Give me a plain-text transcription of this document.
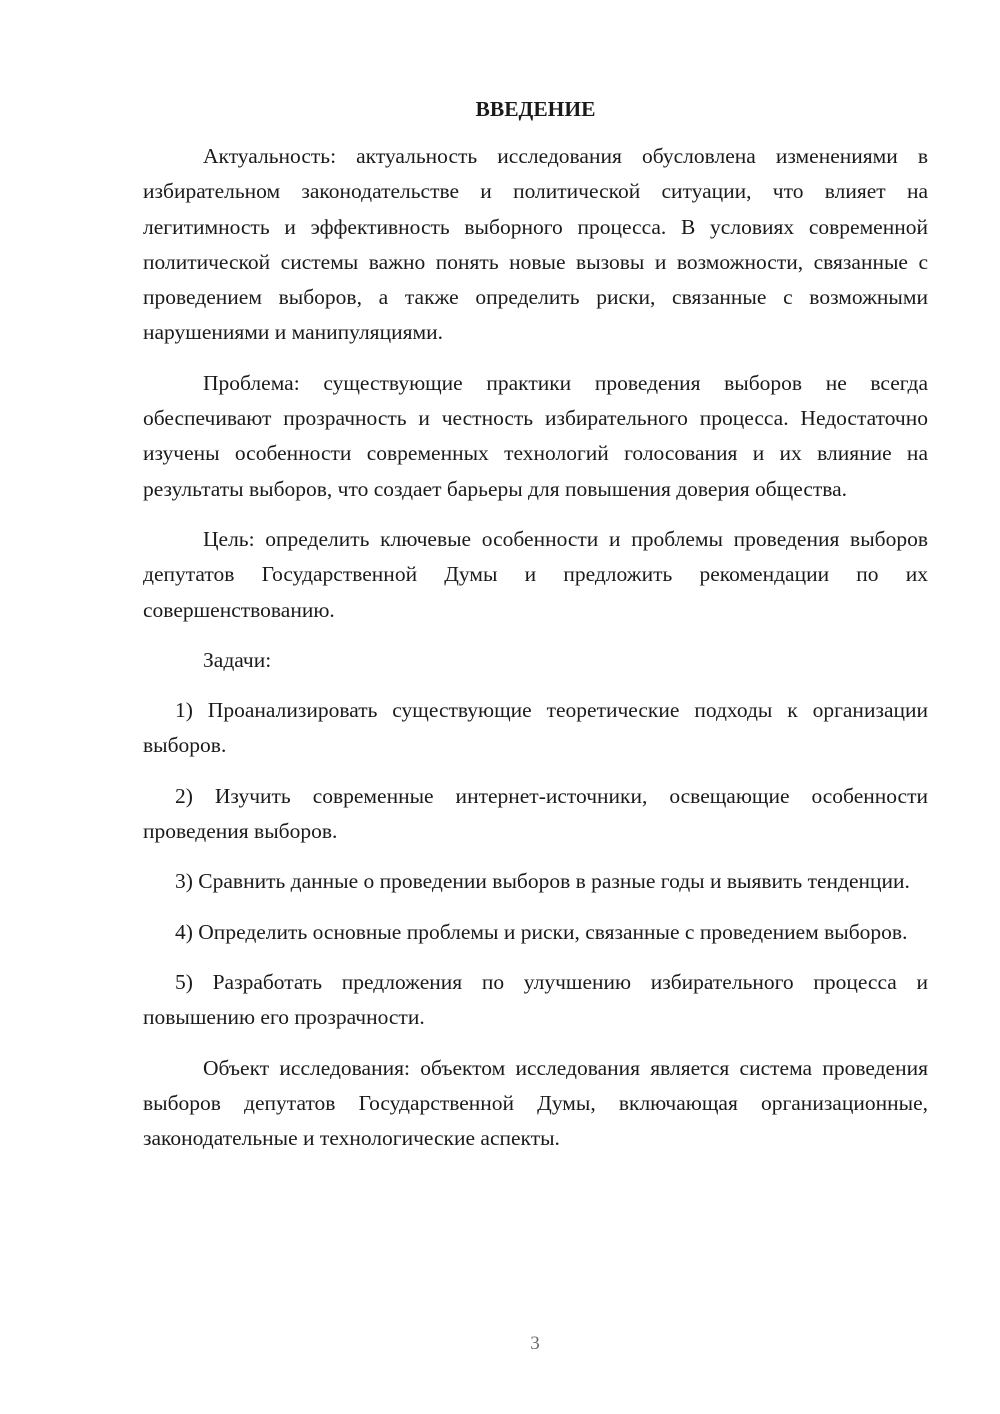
ВВЕДЕНИЕ

Актуальность: актуальность исследования обусловлена изменениями в избирательном законодательстве и политической ситуации, что влияет на легитимность и эффективность выборного процесса. В условиях современной политической системы важно понять новые вызовы и возможности, связанные с проведением выборов, а также определить риски, связанные с возможными нарушениями и манипуляциями.

Проблема: существующие практики проведения выборов не всегда обеспечивают прозрачность и честность избирательного процесса. Недостаточно изучены особенности современных технологий голосования и их влияние на результаты выборов, что создает барьеры для повышения доверия общества.

Цель: определить ключевые особенности и проблемы проведения выборов депутатов Государственной Думы и предложить рекомендации по их совершенствованию.

Задачи:

1) Проанализировать существующие теоретические подходы к организации выборов.

2) Изучить современные интернет-источники, освещающие особенности проведения выборов.

3) Сравнить данные о проведении выборов в разные годы и выявить тенденции.

4) Определить основные проблемы и риски, связанные с проведением выборов.

5) Разработать предложения по улучшению избирательного процесса и повышению его прозрачности.

Объект исследования: объектом исследования является система проведения выборов депутатов Государственной Думы, включающая организационные, законодательные и технологические аспекты.

3
